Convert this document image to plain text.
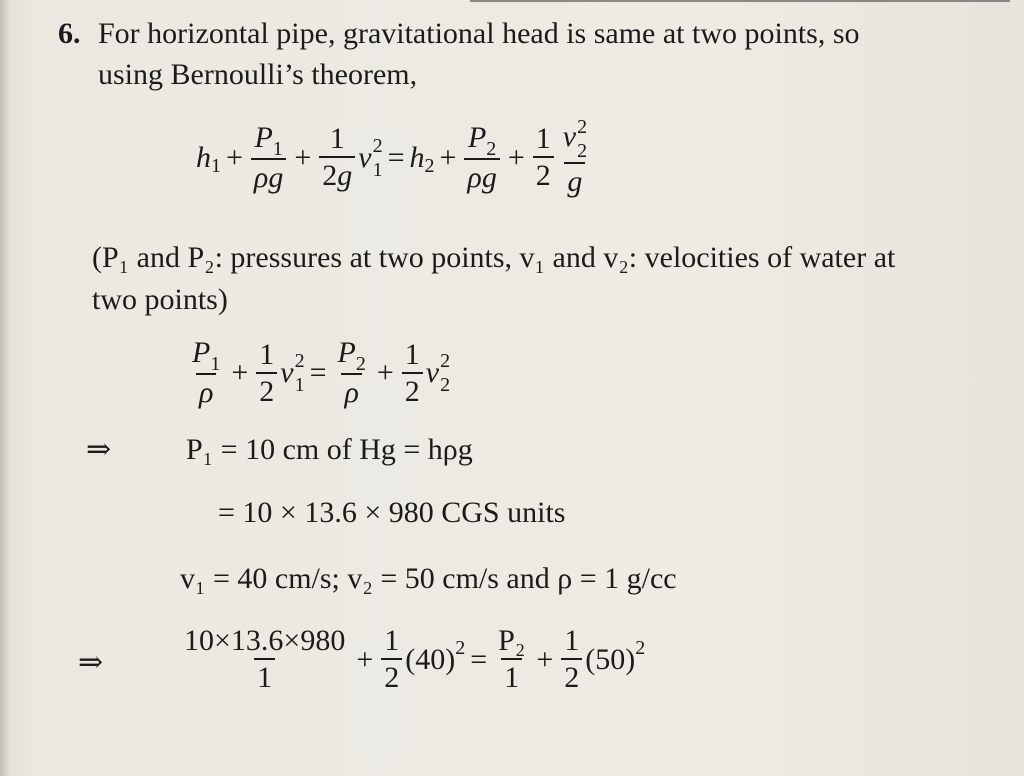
6. For horizontal pipe, gravitational head is same at two points, so
using Bernoulli’s theorem,
h $1 + \frac{P_1}{\rho g} + \frac{1}{2g}$ v 2
1 = h $2 + \frac{P_2}{\rho g} + \frac{1}{2}$ v 2
2
g
(P₁ and P₂: pressures at two points, v₁ and v₂: velocities of water at
two points)
$\frac{P_1}{\rho} + \frac{1}{2}$ v 2
$1 = \frac{P_2}{\rho} + \frac{1}{2}$ v 2
2
⇒ P₁ = 10 cm of Hg = hρg
= 10 × 13.6 × 980 CGS units
v₁ = 40 cm/s; v₂ = 50 cm/s and ρ = 1 g/cc
⇒	$\frac{10\times 13.6\times 980}{1} + \frac{1}{2} (40) 2 = \frac{\text{P₂}}{1} + \frac{1}{2} (50)$ 2
